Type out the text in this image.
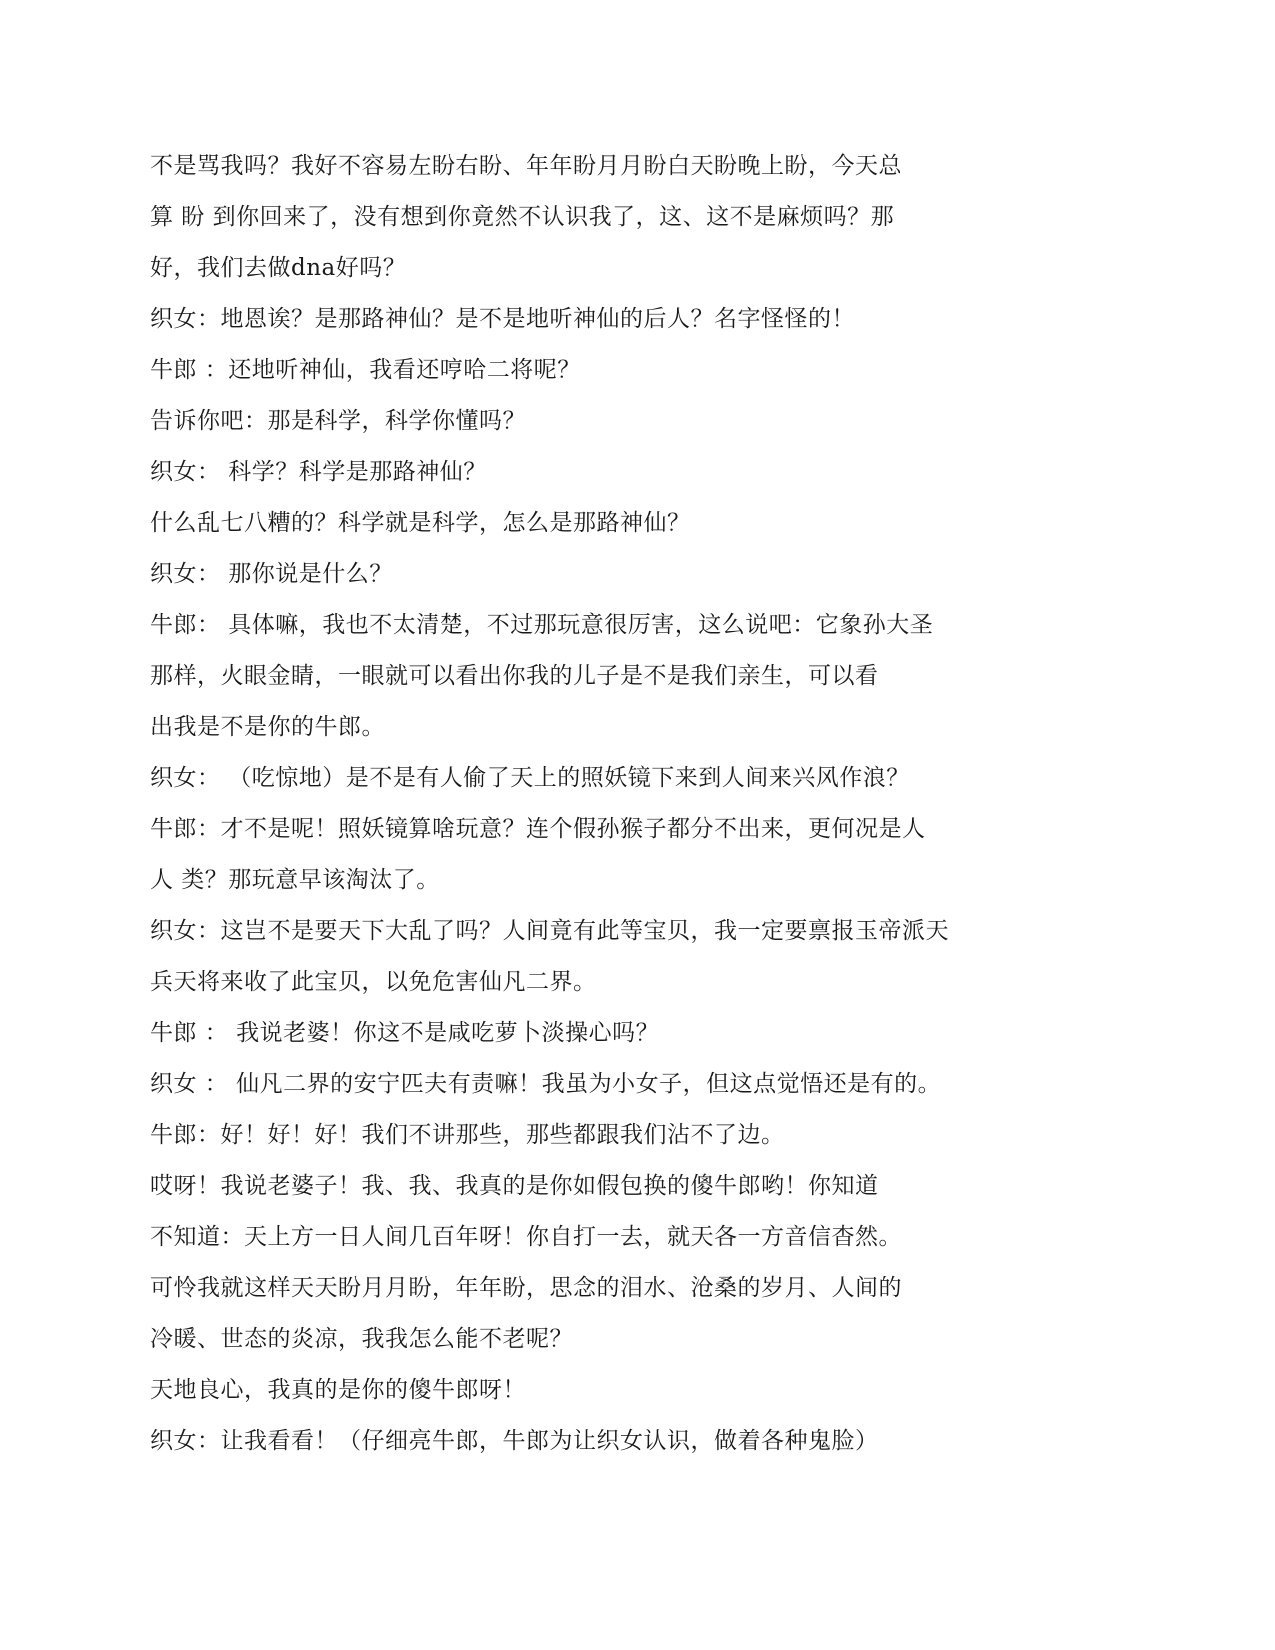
不是骂我吗？我好不容易左盼右盼、年年盼月月盼白天盼晚上盼，今天总
算 盼 到你回来了，没有想到你竟然不认识我了，这、这不是麻烦吗？那
好，我们去做dna好吗？
织女：地恩诶？是那路神仙？是不是地听神仙的后人？名字怪怪的！
牛郎 ：还地听神仙，我看还哼哈二将呢？
告诉你吧：那是科学，科学你懂吗？
织女： 科学？科学是那路神仙？
什么乱七八糟的？科学就是科学，怎么是那路神仙？
织女： 那你说是什么？
牛郎： 具体嘛，我也不太清楚，不过那玩意很厉害，这么说吧：它象孙大圣
那样，火眼金睛，一眼就可以看出你我的儿子是不是我们亲生，可以看
出我是不是你的牛郎。
织女： （吃惊地）是不是有人偷了天上的照妖镜下来到人间来兴风作浪？
牛郎：才不是呢！照妖镜算啥玩意？连个假孙猴子都分不出来，更何况是人
人 类？那玩意早该淘汰了。
织女：这岂不是要天下大乱了吗？人间竟有此等宝贝，我一定要禀报玉帝派天
兵天将来收了此宝贝，以免危害仙凡二界。
牛郎 ： 我说老婆！你这不是咸吃萝卜淡操心吗？
织女 ： 仙凡二界的安宁匹夫有责嘛！我虽为小女子，但这点觉悟还是有的。
牛郎：好！好！好！我们不讲那些，那些都跟我们沾不了边。
哎呀！我说老婆子！我、我、我真的是你如假包换的傻牛郎哟！你知道
不知道：天上方一日人间几百年呀！你自打一去，就天各一方音信杳然。
可怜我就这样天天盼月月盼，年年盼，思念的泪水、沧桑的岁月、人间的
冷暖、世态的炎凉，我我怎么能不老呢？
天地良心，我真的是你的傻牛郎呀！
织女：让我看看！（仔细亮牛郎，牛郎为让织女认识，做着各种鬼脸）
